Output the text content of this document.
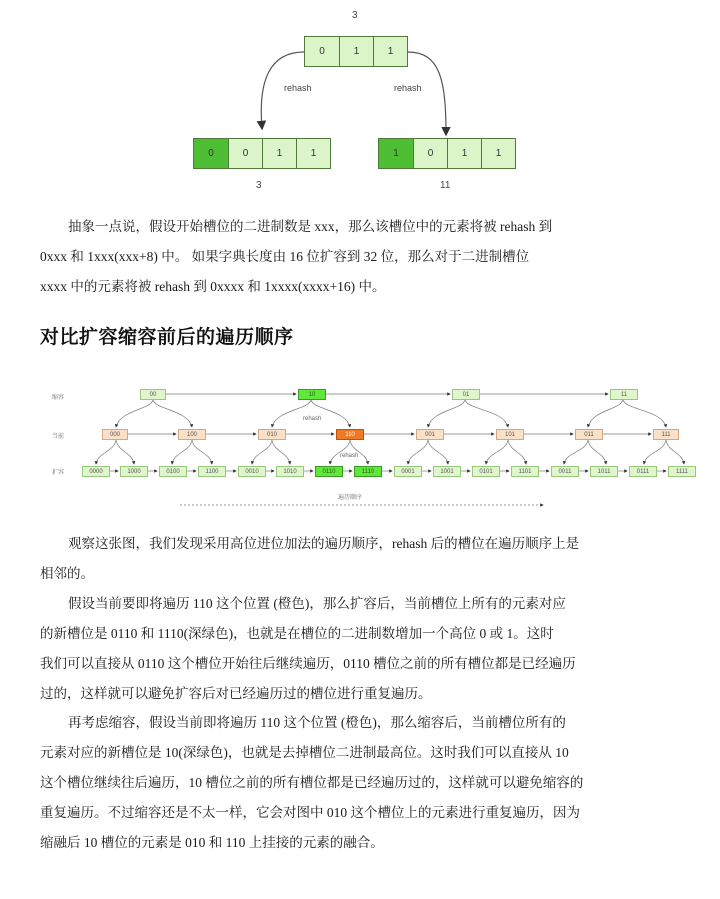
3
0	1	1
rehash	rehash
0	0	1	1
3
1	0	1	1
11
抽象一点说，假设开始槽位的二进制数是 xxx，那么该槽位中的元素将被 rehash 到
0xxx 和 1xxx(xxx+8) 中。 如果字典长度由 16 位扩容到 32 位，那么对于二进制槽位
xxxx 中的元素将被 rehash 到 0xxxx 和 1xxxx(xxxx+16) 中。
对比扩容缩容前后的遍历顺序
缩容
当前
扩容
00	10	01	11
rehash
000	100	010	110	001	101	011	111
rehash
0000	1000	0100	1100	0010	1010	0110	1110	0001	1001	0101	1101	0011	1011	0111	1111
遍历顺序
观察这张图，我们发现采用高位进位加法的遍历顺序，rehash 后的槽位在遍历顺序上是
相邻的。
假设当前要即将遍历 110 这个位置 (橙色)，那么扩容后，当前槽位上所有的元素对应
的新槽位是 0110 和 1110(深绿色)，也就是在槽位的二进制数增加一个高位 0 或 1。这时
我们可以直接从 0110 这个槽位开始往后继续遍历，0110 槽位之前的所有槽位都是已经遍历
过的，这样就可以避免扩容后对已经遍历过的槽位进行重复遍历。
再考虑缩容，假设当前即将遍历 110 这个位置 (橙色)，那么缩容后，当前槽位所有的
元素对应的新槽位是 10(深绿色)，也就是去掉槽位二进制最高位。这时我们可以直接从 10
这个槽位继续往后遍历，10 槽位之前的所有槽位都是已经遍历过的，这样就可以避免缩容的
重复遍历。不过缩容还是不太一样，它会对图中 010 这个槽位上的元素进行重复遍历，因为
缩融后 10 槽位的元素是 010 和 110 上挂接的元素的融合。
